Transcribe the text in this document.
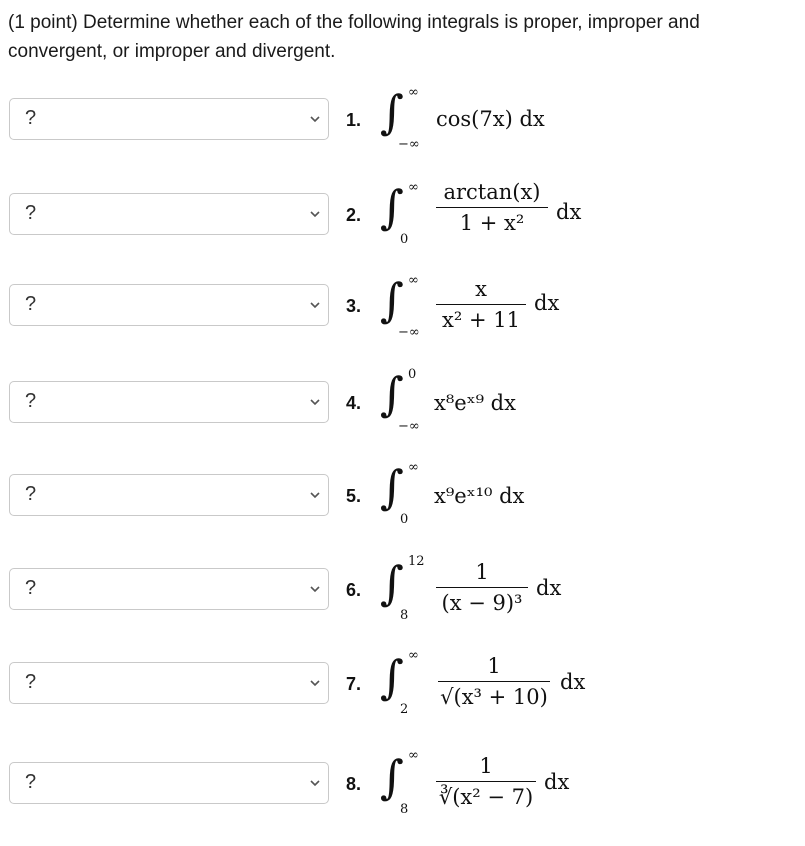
(1 point) Determine whether each of the following integrals is proper, improper and convergent, or improper and divergent.
?	1. ∫ ∞
−∞
cos(7x) dx
?	2. ∫ ∞
0
arctan(x)
1 + x²	dx
?	3. ∫ ∞
−∞
x
x² + 11
dx
?	4. ∫ 0
−∞
x⁸eˣ⁹ dx
?	5. ∫ ∞
0
x⁹eˣ¹⁰ dx
?	6. ∫ 12
8
1
(x − 9)³
dx
?	7. ∫ ∞
2
1
√(x³ + 10)
dx
?	8. ∫ ∞
8
1
∛(x² − 7)
dx
